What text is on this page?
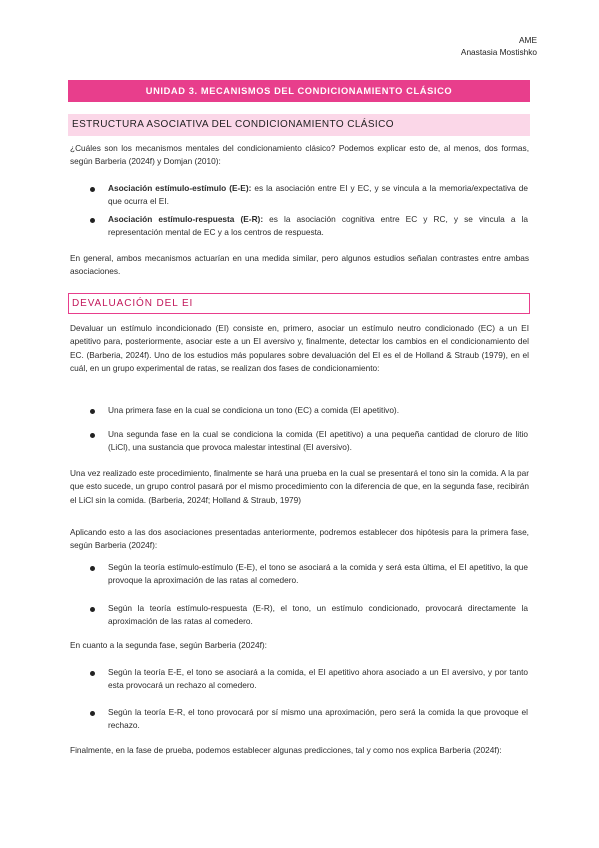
AME
Anastasia Mostishko
UNIDAD 3. MECANISMOS DEL CONDICIONAMIENTO CLÁSICO
ESTRUCTURA ASOCIATIVA DEL CONDICIONAMIENTO CLÁSICO

¿Cuáles son los mecanismos mentales del condicionamiento clásico? Podemos explicar esto de, al menos, dos formas, según Barberia (2024f) y Domjan (2010):

Asociación estímulo-estímulo (E-E): es la asociación entre EI y EC, y se vincula a la memoria/expectativa de que ocurra el EI.

Asociación estímulo-respuesta (E-R): es la asociación cognitiva entre EC y RC, y se vincula a la representación mental de EC y a los centros de respuesta.

En general, ambos mecanismos actuarían en una medida similar, pero algunos estudios señalan contrastes entre ambas asociaciones.

DEVALUACIÓN DEL EI

Devaluar un estímulo incondicionado (EI) consiste en, primero, asociar un estímulo neutro condicionado (EC) a un EI apetitivo para, posteriormente, asociar este a un EI aversivo y, finalmente, detectar los cambios en el condicionamiento del EC. (Barberia, 2024f). Uno de los estudios más populares sobre devaluación del EI es el de Holland & Straub (1979), en el cuál, en un grupo experimental de ratas, se realizan dos fases de condicionamiento:

Una primera fase en la cual se condiciona un tono (EC) a comida (EI apetitivo).

Una segunda fase en la cual se condiciona la comida (EI apetitivo) a una pequeña cantidad de cloruro de litio (LiCl), una sustancia que provoca malestar intestinal (EI aversivo).

Una vez realizado este procedimiento, finalmente se hará una prueba en la cual se presentará el tono sin la comida. A la par que esto sucede, un grupo control pasará por el mismo procedimiento con la diferencia de que, en la segunda fase, recibirán el LiCl sin la comida. (Barberia, 2024f; Holland & Straub, 1979)

Aplicando esto a las dos asociaciones presentadas anteriormente, podremos establecer dos hipótesis para la primera fase, según Barberia (2024f):

Según la teoría estímulo-estímulo (E-E), el tono se asociará a la comida y será esta última, el EI apetitivo, la que provoque la aproximación de las ratas al comedero.

Según la teoría estímulo-respuesta (E-R), el tono, un estímulo condicionado, provocará directamente la aproximación de las ratas al comedero.

En cuanto a la segunda fase, según Barberia (2024f):

Según la teoría E-E, el tono se asociará a la comida, el EI apetitivo ahora asociado a un EI aversivo, y por tanto esta provocará un rechazo al comedero.

Según la teoría E-R, el tono provocará por sí mismo una aproximación, pero será la comida la que provoque el rechazo.

Finalmente, en la fase de prueba, podemos establecer algunas predicciones, tal y como nos explica Barberia (2024f):
